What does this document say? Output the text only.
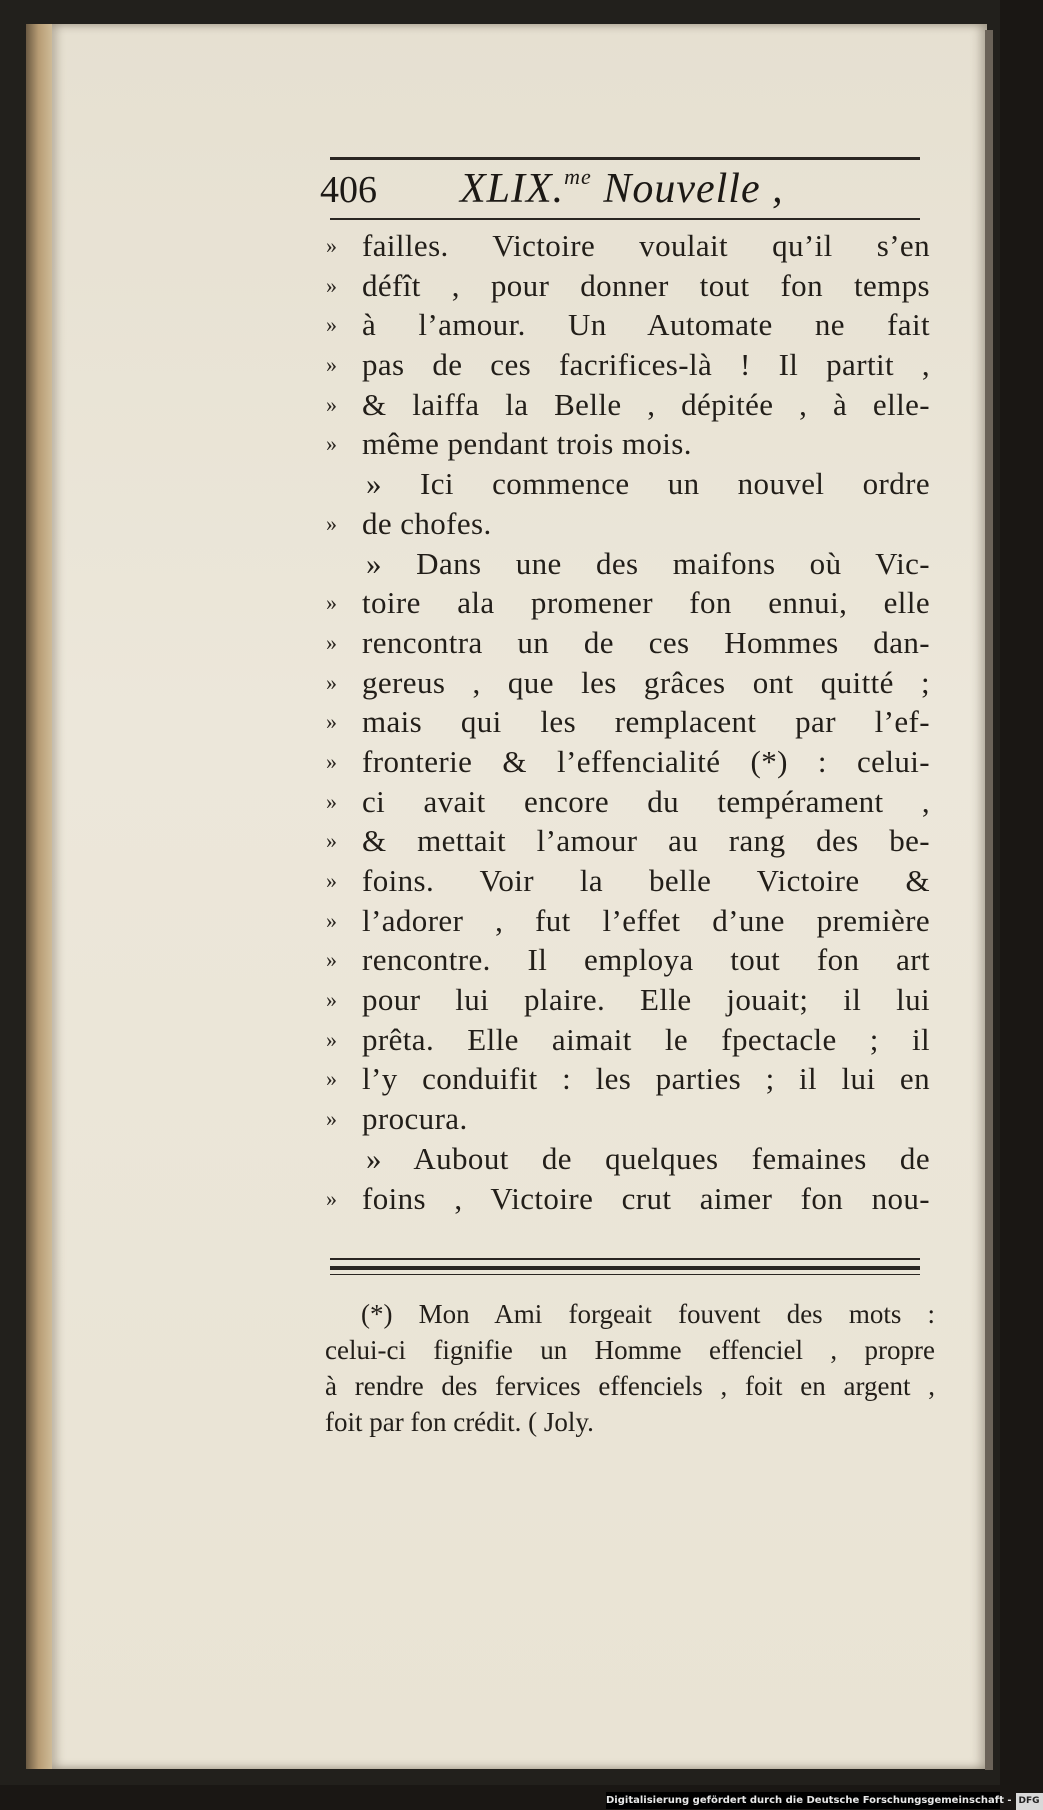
406 XLIX.$^{me}$ Nouvelle ,
» failles. Victoire voulait qu’il s’en
» défît , pour donner tout fon temps
» à l’amour. Un Automate ne fait
» pas de ces facrifices-là ! Il partit ,
» & laiffa la Belle , dépitée , à elle-
» même pendant trois mois.
» Ici commence un nouvel ordre
» de chofes.
» Dans une des maifons où Vic-
» toire ala promener fon ennui, elle
» rencontra un de ces Hommes dan-
» gereus , que les grâces ont quitté ;
» mais qui les remplacent par l’ef-
» fronterie & l’effencialité (*) : celui-
» ci avait encore du tempérament ,
» & mettait l’amour au rang des be-
» foins. Voir la belle Victoire &
» l’adorer , fut l’effet d’une première
» rencontre. Il employa tout fon art
» pour lui plaire. Elle jouait; il lui
» prêta. Elle aimait le fpectacle ; il
» l’y conduifit : les parties ; il lui en
» procura.
» Aubout de quelques femaines de
» foins , Victoire crut aimer fon nou-
(*) Mon Ami forgeait fouvent des mots :
celui-ci fignifie un Homme effenciel , propre
à rendre des fervices effenciels , foit en argent ,
foit par fon crédit. ( Joly.
Digitalisierung gefördert durch die Deutsche Forschungsgemeinschaft - DFG
